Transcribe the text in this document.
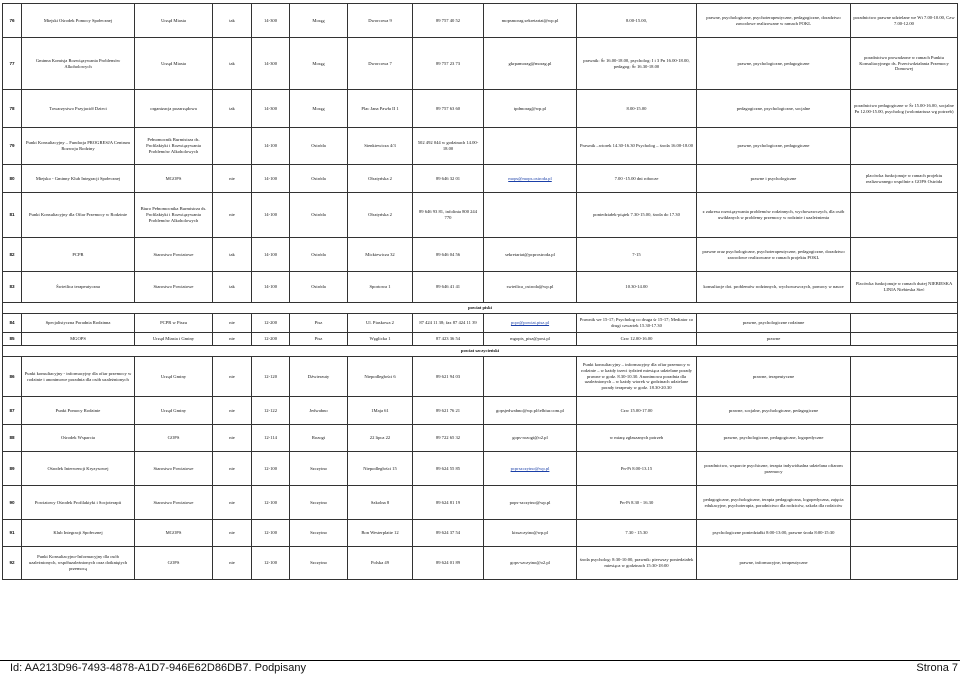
76	Miejski Ośrodek Pomocy Społecznej	Urząd Miasta	tak	14-300	Morąg	Dworcowa 9	89 757 40 52	mopsmorag.sekretariat@wp.pl	8.00-15.00,	prawne, psychologiczne, psychoterapeutyczne, pedagogiczne, doradztwo zawodowe realizowane w ramach POKL	poradnictwo prawne udzielane we Wt 7.00-10.00, Czw 7.00-12.00
77	Gminna Komisja Rozwiązywania Problemów Alkoholowych	Urząd Miasta	tak	14-300	Morąg	Dworcowa 7	89 757 23 73	gkrpamorag@morag.pl	prawnik: Śr 16.00-18.00, psycholog: I i 3 Pn 16.00-18.00, pedagog: Śr 16.30-18.00	prawne, psychologiczne, pedagogiczne	poradnictwo prowadzone w ramach Punktu Konsultacyjnego ds. Przeciwdziałania Przemocy Domowej
78	Towarzystwo Przyjaciół Dzieci	organizacja pozarządowa	tak	14-300	Morąg	Plac Jana Pawła II 1	89 757 63 60	tpdmorag@wp.pl	8.00-15.00	pedagogiczne, psychologiczne, socjalne	poradnictwo pedagogiczne w Śr 15.00-16.00, socjalne Pn 12.00-15.00, psycholog (wolontariusz wg potrzeb)
79	Punkt Konsultacyjny – Fundacja PROGRESJA Centrum Rozwoju Rodziny	Pełnomocnik Burmistrza ds. Profilaktyki i Rozwiązywania Problemów Alkoholowych		14-100	Ostróda	Sienkiewicza 4/3	502 492 044 w godzinach 14.00-18.00		Prawnik –wtorek 14.30-16.30 Psycholog – środa 16.00-18.00	prawne, psychologiczne, pedagogiczne	
80	Miejsko - Gminny Klub Integracji Społecznej	MGOPS	nie	14-100	Ostróda	Olsztyńska 2	89 646 32 01	mops@mops.ostroda.pl	7.00 -15.00 dni robocze	prawne i psychologiczne	placówka funkcjonuje w ramach projektu realizowanego wspólnie z GOPS Ostróda
81	Punkt Konsultacyjny dla Ofiar Przemocy w Rodzinie	Biuro Pełnomocnika Burmistrza ds. Profilaktyki i Rozwiązywania Problemów Alkoholowych	nie	14-100	Ostróda	Olsztyńska 2	89 646 93 81, infolinia 800 244 770		poniedziałek-piątek 7.30-15.00, środa do 17.30	z zakresu rozwiązywania problemów rodzinnych, wychowawczych, dla osób uwikłanych w problemy przemocy w rodzinie i uzależnienia	
82	PCPR	Starostwo Powiatowe	tak	14-100	Ostróda	Mickiewicza 32	89 646 04 56	sekretariat@pcprostroda.pl	7-15	prawne oraz psychologiczne, psychoterapeutyczne, pedagogiczne, doradztwo zawodowe realizowane w ramach projektu POKL	
83	Świetlica terapeutyczna	Starostwo Powiatowe	tak	14-100	Ostróda	Sportowa 1	89 646 41 41	swietlica_ostroda@wp.pl	10.30-14.00	konsultacje dot. problemów rodzinnych, wychowawczych, pomocy w nauce	Placówka funkcjonuje w ramach dużej NIEBIESKA LINIA Niebieska Sieć
powiat piski											
84	Specjalistyczna Poradnia Rodzinna	PCPR w Piszu	nie	12-200	Pisz	Ul. Piaskowa 2	87 424 11 38; fax 87 424 11 39	pcpr@powiat.pisz.pl	Prawnik we 15-17; Psycholog co druga śr 15-17; Mediator co drugi czwartek 15.30-17.30	prawne, psychologiczne rodzinne	
85	MGOPS	Urząd Miasta i Gminy	nie	12-200	Pisz	Węglicka 1	87 423 36 54	mgopis_pisz@post.pl	Czw 12.00-16.00	prawne	
powiat szczycieński											
86	Punkt konsultacyjny - informacyjny dla ofiar przemocy w rodzinie i anonimowe poradnia dla osób uzależnionych	Urząd Gminy	nie	12-120	Dźwierzuty	Niepodległości 6	89 621 94 03		Punkt konsultacyjny – informacyjny dla ofiar przemocy w rodzinie – w każdy trzeci tydzień miesiąca udzielane porady prawne w godz. 8.30-10.30. Anonimowa poradnia dla uzależnionych – w każdy wtorek w godzinach udzielane porady terapeuty w godz. 18.30-20.30	prawne, terapeutyczne	
87	Punkt Pomocy Rodzinie	Urząd Gminy	nie	12-122	Jedwabno	1Maja 61	89 621 76 21	gopsjedwabno@wp.pl/telbiur.com.pl	Czw 15.00-17.00	prawne, socjalne, psychologiczne, pedagogiczne	
88	Ośrodek Wsparcia	GOPS	nie	12-114	Rozogi	22 lipca 22	89 722 65 32	gops-rozogi@o2.pl	w miarę zgłaszanych potrzeb	prawne, psychologiczne, pedagogiczne, logopedyczne	
89	Ośrodek Interwencji Kryzysowej	Starostwo Powiatowe	nie	12-100	Szczytno	Niepodległości 15	89 624 55 85	pcprszczytno@wp.pl	Pn-Pt 8.00-13.15	poradnictwo, wsparcie psychiczne, terapia indywidualna udzielana ofiarom przemocy	
90	Powiatowy Ośrodek Profilaktyki i Socjoterapii	Starostwo Powiatowe	nie	12-100	Szczytno	Szkolna 8	89 624 81 19	pops-szczytno@wp.pl	Pn-Pt 8.30 - 16.30	pedagogiczne, psychologiczne, terapia pedagogiczna, logopedyczna, zajęcia edukacyjne, psychoterapia, poradnictwo dla rodziców, szkoła dla rodziców	
91	Klub Integracji Społecznej	MGOPS	nie	12-100	Szczytno	Bon Westerplatte 12	89 624 37 54	kisszczytno@wp.pl	7.30 - 15.30	psychologiczne poniedziałki 8:00-13:00, prawne środa 8:00-15:30	
92	Punkt Konsultacyjno-Informacyjny dla osób uzależnionych, współuzależnionych oraz dotkniętych przemocą	GOPS	nie	12-100	Szczytno	Polska 49	89 624 01 89	gops-szczytno@o2.pl	środa psycholog: 8:30-10:00, prawnik: pierwszy poniedziałek miesiąca w godzinach 15:30-18:00	prawne, informacyjne, terapeutyczne	
Id: AA213D96-7493-4878-A1D7-946E62D86DB7. Podpisany	Strona 7
